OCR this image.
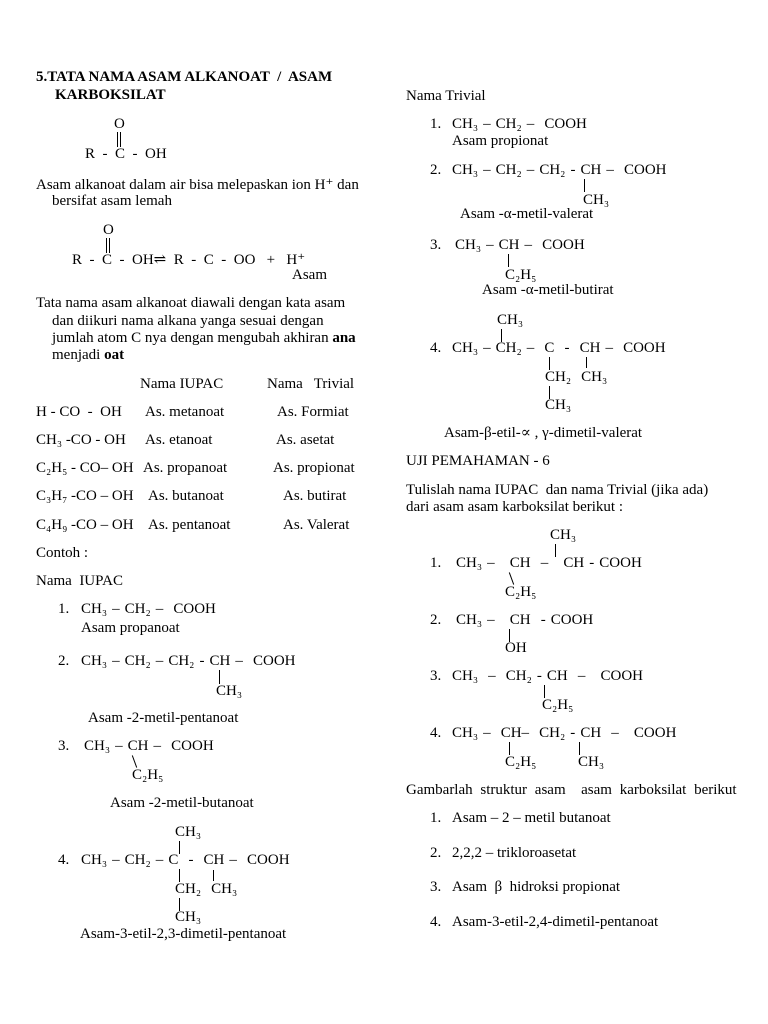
5.TATA NAMA ASAM ALKANOAT  /  ASAM
KARBOKSILAT
O
R  -  C  -  OH
Asam alkanoat dalam air bisa melepaskan ion H⁺ dan
bersifat asam lemah
O
R  -  C  -  OH⇌  R  -  C  -  OO   +   H⁺
Asam
Tata nama asam alkanoat diawali dengan kata asam
dan diikuri nama alkana yanga sesuai dengan
jumlah atom C nya dengan mengubah akhiran ana
menjadi oat
Nama IUPAC	Nama   Trivial
H - CO  -  OH As. metanoat	As. Formiat
CH₃ -CO - OH As. etanoat	As. asetat
C₂H₅ - CO– OH As. propanoat	As. propionat
C₃H₇ -CO – OH As. butanoat	As. butirat
C₄H₉ -CO – OH As. pentanoat	As. Valerat
Contoh :
Nama  IUPAC
1. CH₃ – CH₂ –  COOH
Asam propanoat
2. CH₃ – CH₂ – CH₂ - CH –  COOH
CH₃
Asam -2-metil-pentanoat
3. CH₃ – CH –  COOH
C₂H₅
Asam -2-metil-butanoat
CH₃
4. CH₃ – CH₂ – C  -  CH –  COOH
CH₂  CH₃
CH₃
Asam-3-etil-2,3-dimetil-pentanoat
Nama Trivial
1. CH₃ – CH₂ –  COOH
Asam propionat
2. CH₃ – CH₂ – CH₂ - CH –  COOH
CH₃
Asam -α-metil-valerat
3. CH₃ – CH –  COOH
C₂H₅
Asam -α-metil-butirat
CH₃
4. CH₃ – CH₂ –  C  -  CH –  COOH
CH₂  CH₃
CH₃
Asam-β-etil-∝ , γ-dimetil-valerat
UJI PEMAHAMAN - 6
Tulislah nama IUPAC  dan nama Trivial (jika ada)
dari asam asam karboksilat berikut :
CH₃
1. CH₃ –   CH  –   CH - COOH
C₂H₅
2. CH₃ –   CH  - COOH
OH
3. CH₃  –  CH₂ - CH  –   COOH
C₂H₅
4. CH₃ –  CH–  CH₂ - CH  –   COOH
C₂H₅	CH₃
Gambarlah struktur asam  asam karboksilat berikut
1. Asam – 2 – metil butanoat
2. 2,2,2 – trikloroasetat
3. Asam  β  hidroksi propionat
4. Asam-3-etil-2,4-dimetil-pentanoat
